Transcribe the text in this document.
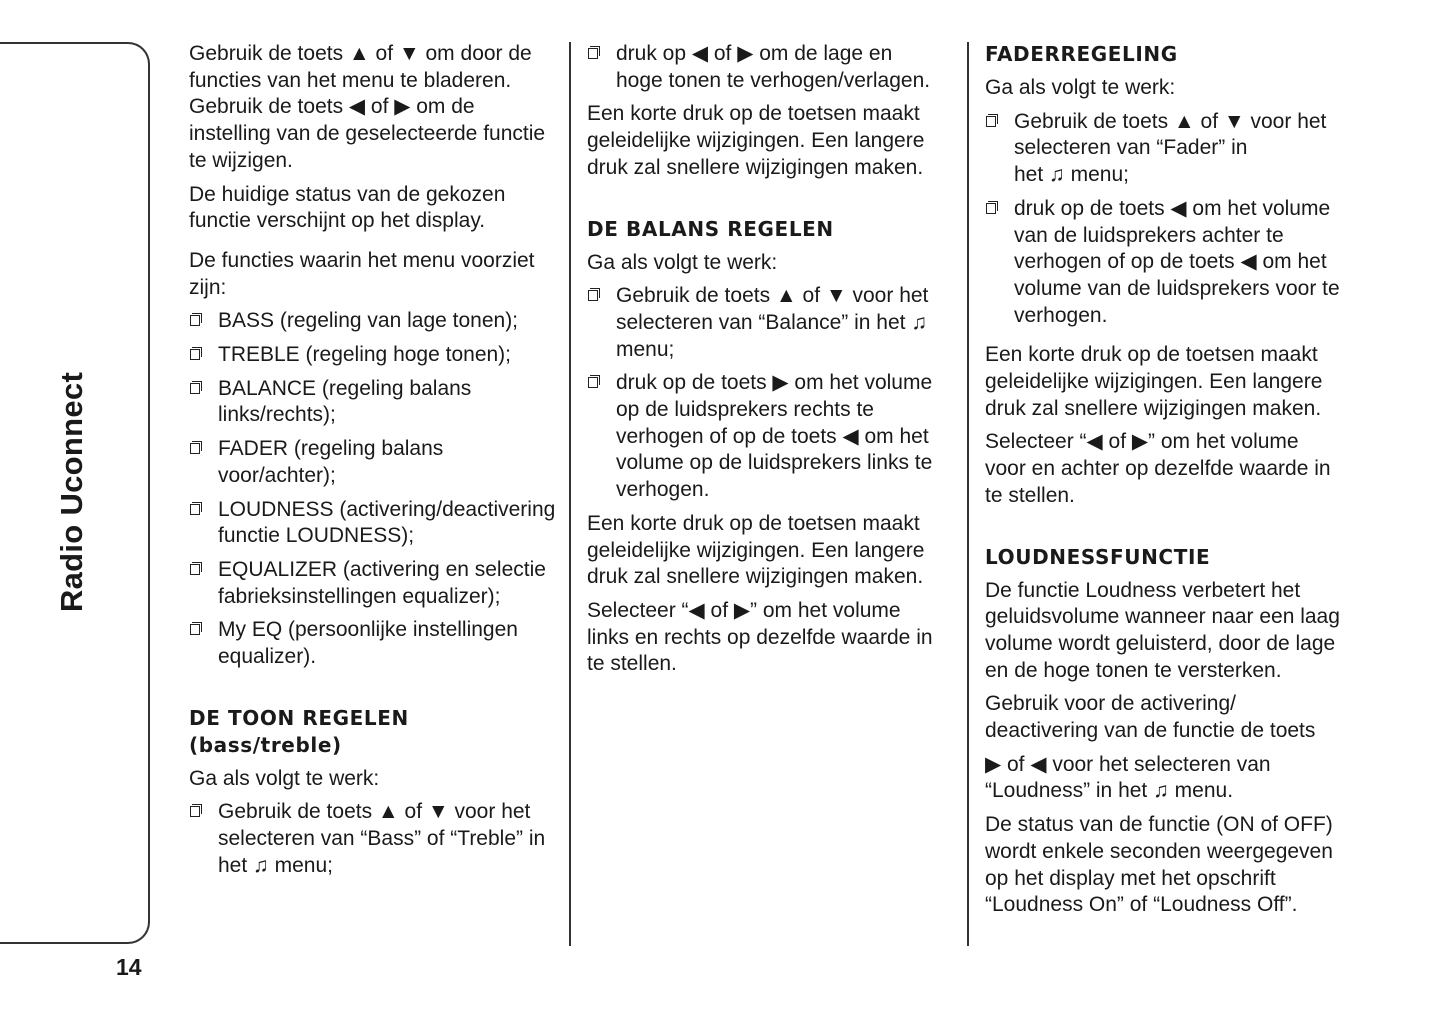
Radio Uconnect
14
Gebruik de toets ▲ of ▼ om door de
functies van het menu te bladeren.
Gebruik de toets ◀ of ▶ om de
instelling van de geselecteerde functie
te wijzigen.
De huidige status van de gekozen
functie verschijnt op het display.
De functies waarin het menu voorziet
zijn:
BASS (regeling van lage tonen);
TREBLE (regeling hoge tonen);
BALANCE (regeling balans
links/rechts);
FADER (regeling balans
voor/achter);
LOUDNESS (activering/deactivering
functie LOUDNESS);
EQUALIZER (activering en selectie
fabrieksinstellingen equalizer);
My EQ (persoonlijke instellingen
equalizer).
DE TOON REGELEN
(bass/treble)
Ga als volgt te werk:
Gebruik de toets ▲ of ▼ voor het
selecteren van “Bass” of “Treble” in
het ♫ menu;
druk op ◀ of ▶ om de lage en
hoge tonen te verhogen/verlagen.
Een korte druk op de toetsen maakt
geleidelijke wijzigingen. Een langere
druk zal snellere wijzigingen maken.
DE BALANS REGELEN
Ga als volgt te werk:
Gebruik de toets ▲ of ▼ voor het
selecteren van “Balance” in het ♫
menu;
druk op de toets ▶ om het volume
op de luidsprekers rechts te
verhogen of op de toets ◀ om het
volume op de luidsprekers links te
verhogen.
Een korte druk op de toetsen maakt
geleidelijke wijzigingen. Een langere
druk zal snellere wijzigingen maken.
Selecteer “◀ of ▶” om het volume
links en rechts op dezelfde waarde in
te stellen.
FADERREGELING
Ga als volgt te werk:
Gebruik de toets ▲ of ▼ voor het
selecteren van “Fader” in
het ♫ menu;
druk op de toets ◀ om het volume
van de luidsprekers achter te
verhogen of op de toets ◀ om het
volume van de luidsprekers voor te
verhogen.
Een korte druk op de toetsen maakt
geleidelijke wijzigingen. Een langere
druk zal snellere wijzigingen maken.
Selecteer “◀ of ▶” om het volume
voor en achter op dezelfde waarde in
te stellen.
LOUDNESSFUNCTIE
De functie Loudness verbetert het
geluidsvolume wanneer naar een laag
volume wordt geluisterd, door de lage
en de hoge tonen te versterken.
Gebruik voor de activering/
deactivering van de functie de toets
▶ of ◀ voor het selecteren van
“Loudness” in het ♫ menu.
De status van de functie (ON of OFF)
wordt enkele seconden weergegeven
op het display met het opschrift
“Loudness On” of “Loudness Off”.
